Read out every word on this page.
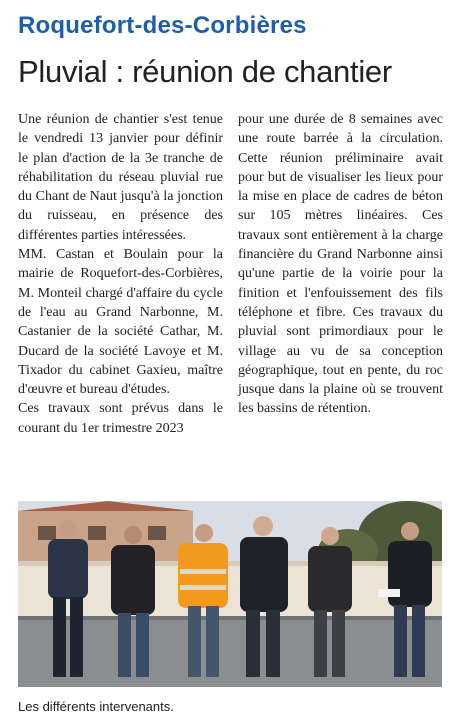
Roquefort-des-Corbières
Pluvial : réunion de chantier

Une réunion de chantier s'est tenue le vendredi 13 janvier pour définir le plan d'action de la 3e tranche de réhabilitation du réseau pluvial rue du Chant de Naut jusqu'à la jonction du ruisseau, en présence des différentes parties intéressées.

MM. Castan et Boulain pour la mairie de Roquefort-des-Corbières, M. Monteil chargé d'affaire du cycle de l'eau au Grand Narbonne, M. Castanier de la société Cathar, M. Ducard de la société Lavoye et M. Tixador du cabinet Gaxieu, maître d'œuvre et bureau d'études.

Ces travaux sont prévus dans le courant du 1er trimestre 2023

pour une durée de 8 semaines avec une route barrée à la circulation. Cette réunion préliminaire avait pour but de visualiser les lieux pour la mise en place de cadres de béton sur 105 mètres linéaires. Ces travaux sont entièrement à la charge financière du Grand Narbonne ainsi qu'une partie de la voirie pour la finition et l'enfouissement des fils téléphone et fibre. Ces travaux du pluvial sont primordiaux pour le village au vu de sa conception géographique, tout en pente, du roc jusque dans la plaine où se trouvent les bassins de rétention.

Les différents intervenants.
